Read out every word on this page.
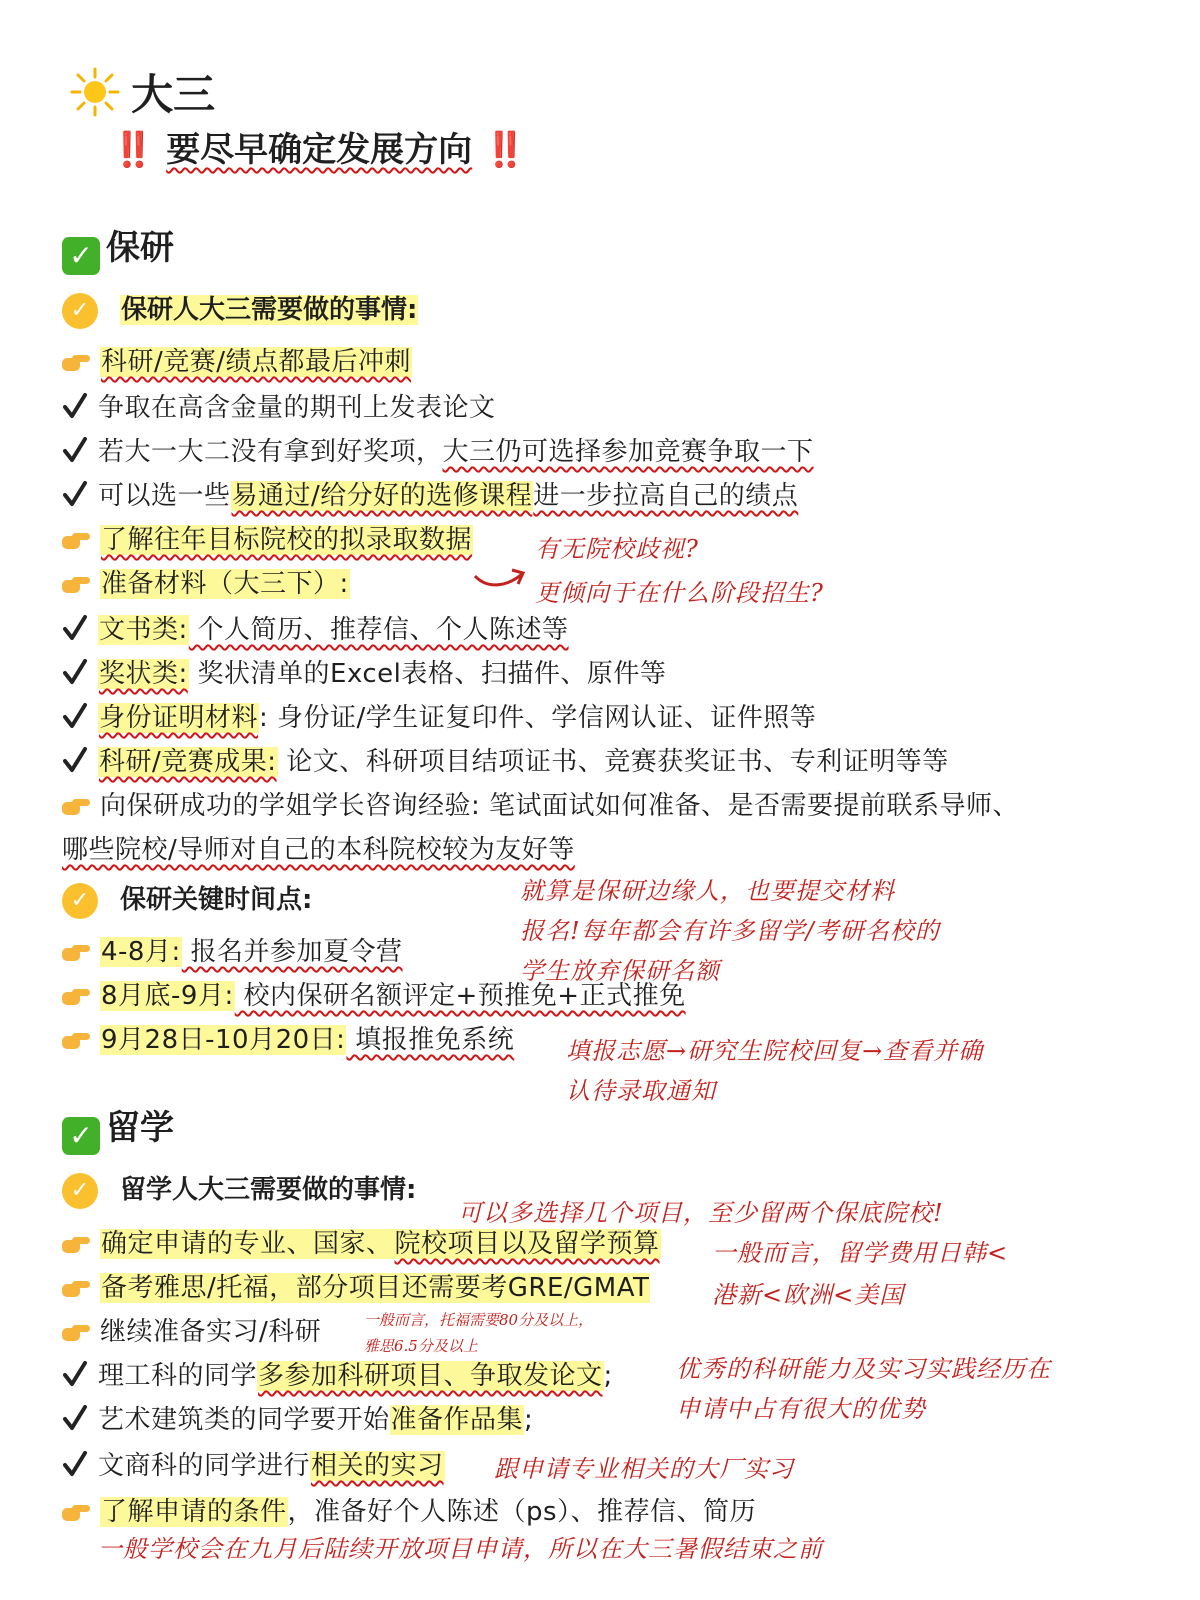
大三
‼️ 要尽早确定发展方向 ‼️
✓ 保研
✓ 保研人大三需要做的事情:
科研/竞赛/绩点都最后冲刺
争取在高含金量的期刊上发表论文
若大一大二没有拿到好奖项，大三仍可选择参加竞赛争取一下
可以选一些易通过/给分好的选修课程进一步拉高自己的绩点
了解往年目标院校的拟录取数据
准备材料（大三下）:
文书类: 个人简历、推荐信、个人陈述等
奖状类: 奖状清单的Excel表格、扫描件、原件等
身份证明材料: 身份证/学生证复印件、学信网认证、证件照等
科研/竞赛成果: 论文、科研项目结项证书、竞赛获奖证书、专利证明等等
向保研成功的学姐学长咨询经验: 笔试面试如何准备、是否需要提前联系导师、
哪些院校/导师对自己的本科院校较为友好等
✓ 保研关键时间点:
4-8月: 报名并参加夏令营
8月底-9月: 校内保研名额评定+预推免+正式推免
9月28日-10月20日: 填报推免系统
✓ 留学
✓ 留学人大三需要做的事情:
确定申请的专业、国家、院校项目以及留学预算
备考雅思/托福，部分项目还需要考GRE/GMAT
继续准备实习/科研
理工科的同学多参加科研项目、争取发论文;
艺术建筑类的同学要开始准备作品集;
文商科的同学进行相关的实习
了解申请的条件，准备好个人陈述（ps）、推荐信、简历
有无院校歧视?
更倾向于在什么阶段招生?
就算是保研边缘人，也要提交材料
报名!每年都会有许多留学/考研名校的
学生放弃保研名额
填报志愿→研究生院校回复→查看并确
认待录取通知
可以多选择几个项目，至少留两个保底院校!
一般而言，留学费用日韩<
港新<欧洲<美国
一般而言，托福需要80分及以上，
雅思6.5分及以上
优秀的科研能力及实习实践经历在
申请中占有很大的优势
跟申请专业相关的大厂实习
一般学校会在九月后陆续开放项目申请，所以在大三暑假结束之前
